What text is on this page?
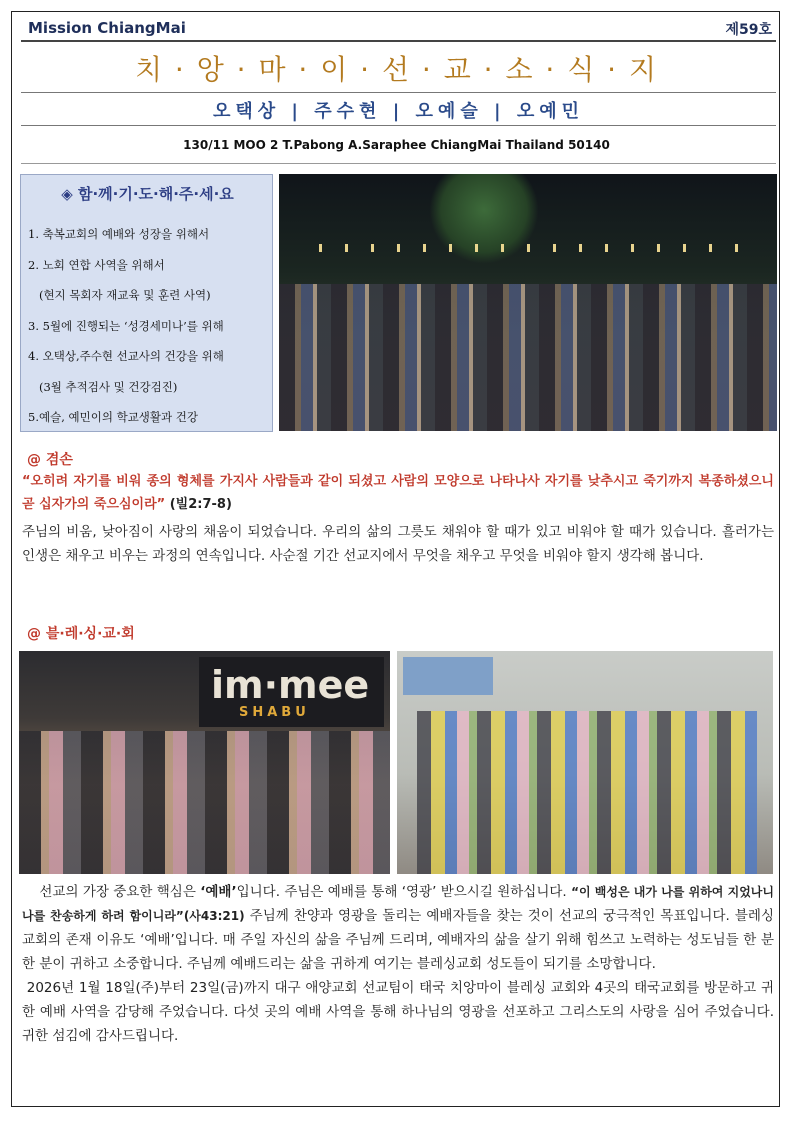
Mission ChiangMai	제59호
치 · 앙 · 마 · 이 · 선 · 교 · 소 · 식 · 지
오택상 | 주수현 | 오예슬 | 오예민
130/11 MOO 2 T.Pabong A.Saraphee ChiangMai Thailand 50140
◈ 함·께·기·도·해·주·세·요
1. 축복교회의 예배와 성장을 위해서
2. 노회 연합 사역을 위해서
(현지 목회자 재교육 및 훈련 사역)
3. 5월에 진행되는 ‘성경세미나’를 위해
4. 오택상,주수현 선교사의 건강을 위해
(3월 추적검사 및 건강검진)
5.예슬, 예민이의 학교생활과 건강
@ 겸손
“오히려 자기를 비워 종의 형체를 가지사 사람들과 같이 되셨고 사람의 모양으로 나타나사 자기를 낮추시고 죽기까지 복종하셨으니 곧 십자가의 죽으심이라” (빌2:7-8)
주님의 비움, 낮아짐이 사랑의 채움이 되었습니다. 우리의 삶의 그릇도 채워야 할 때가 있고 비워야 할 때가 있습니다. 흘러가는 인생은 채우고 비우는 과정의 연속입니다. 사순절 기간 선교지에서 무엇을 채우고 무엇을 비워야 할지 생각해 봅니다.
@ 블·레·싱·교·회
im·mee
SHABU
선교의 가장 중요한 핵심은 ‘예배’입니다. 주님은 예배를 통해 ‘영광’ 받으시길 원하십니다. “이 백성은 내가 나를 위하여 지었나니 나를 찬송하게 하려 함이니라”(사43:21) 주님께 찬양과 영광을 돌리는 예배자들을 찾는 것이 선교의 궁극적인 목표입니다. 블레싱 교회의 존재 이유도 ‘예배’입니다. 매 주일 자신의 삶을 주님께 드리며, 예배자의 삶을 살기 위해 힘쓰고 노력하는 성도님들 한 분 한 분이 귀하고 소중합니다. 주님께 예배드리는 삶을 귀하게 여기는 블레싱교회 성도들이 되기를 소망합니다.
2026년 1월 18일(주)부터 23일(금)까지 대구 애양교회 선교팀이 태국 치앙마이 블레싱 교회와 4곳의 태국교회를 방문하고 귀한 예배 사역을 감당해 주었습니다. 다섯 곳의 예배 사역을 통해 하나님의 영광을 선포하고 그리스도의 사랑을 심어 주었습니다. 귀한 섬김에 감사드립니다.
